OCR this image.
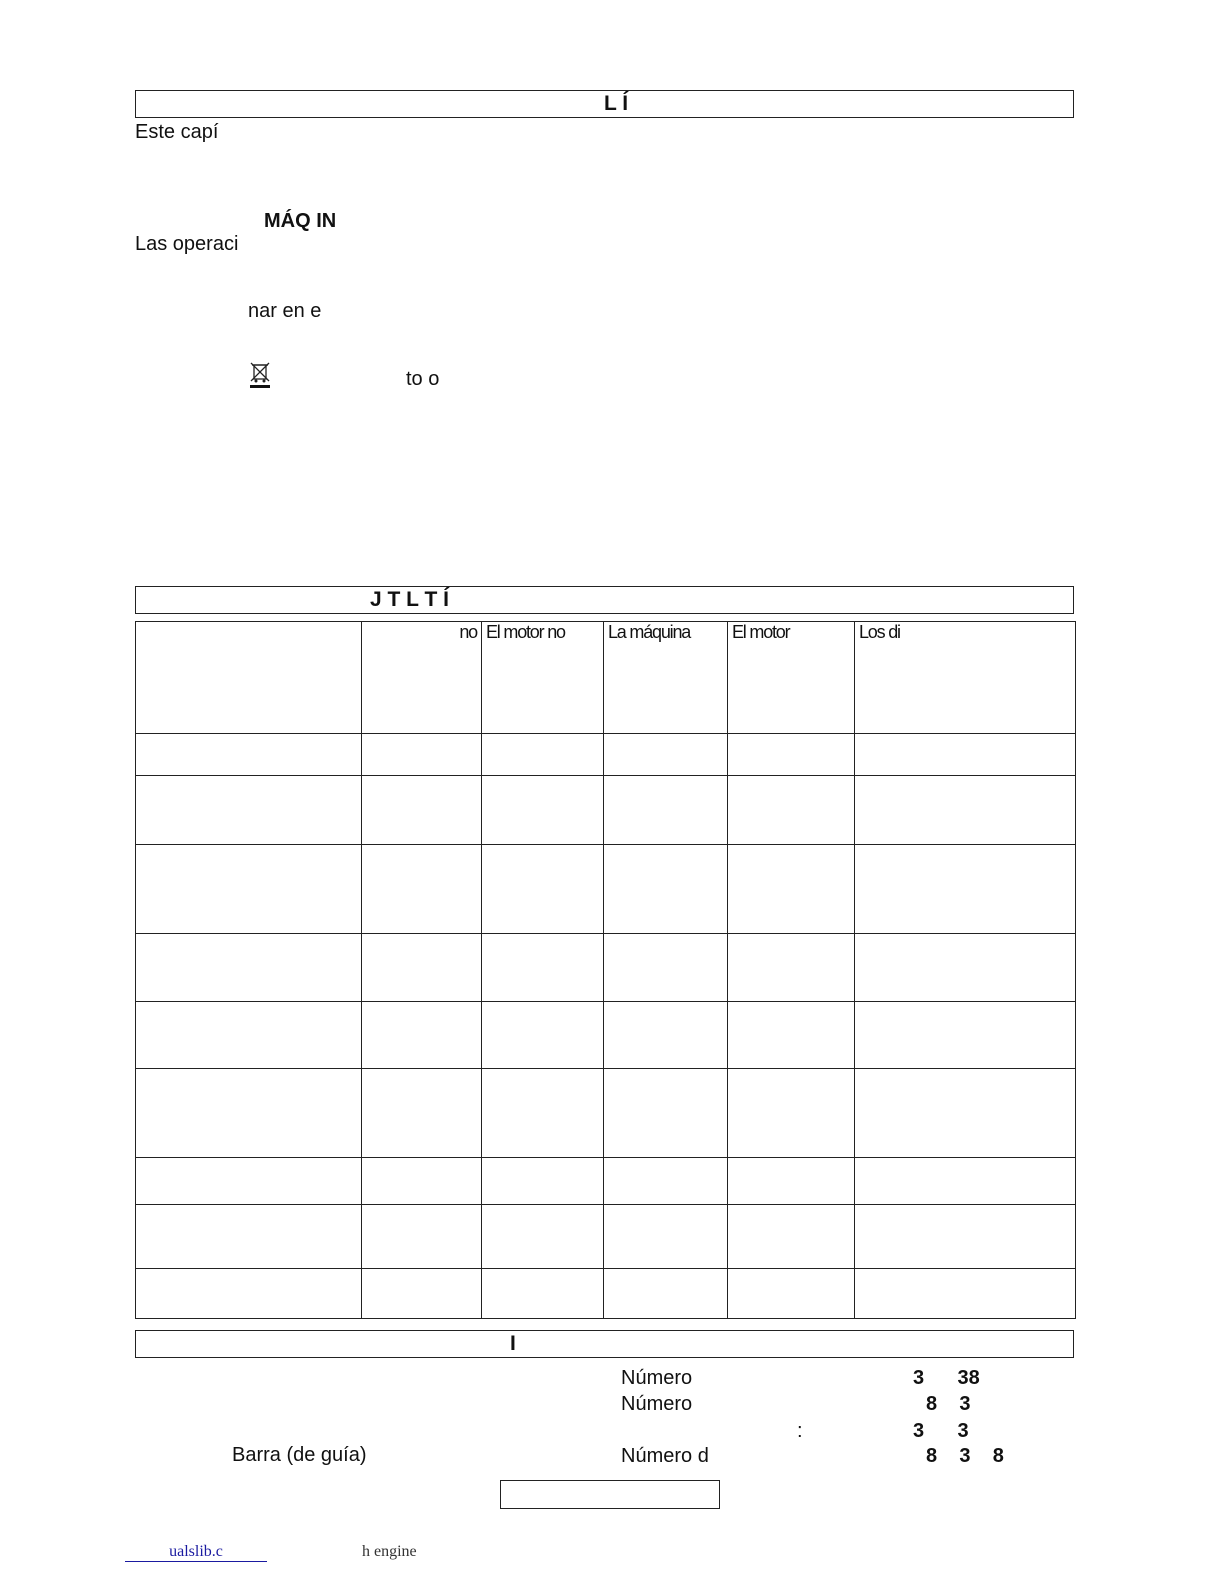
L Í
Este capí
MÁQ IN
Las operaci
nar en e
to o
J T L T Í
	no	El motor no	La máquina	El motor	Los di

I
Número	3      38
Número	8    3
:	3      3
Barra (de guía)	Número d	8    3    8
ualslib.c	h engine
